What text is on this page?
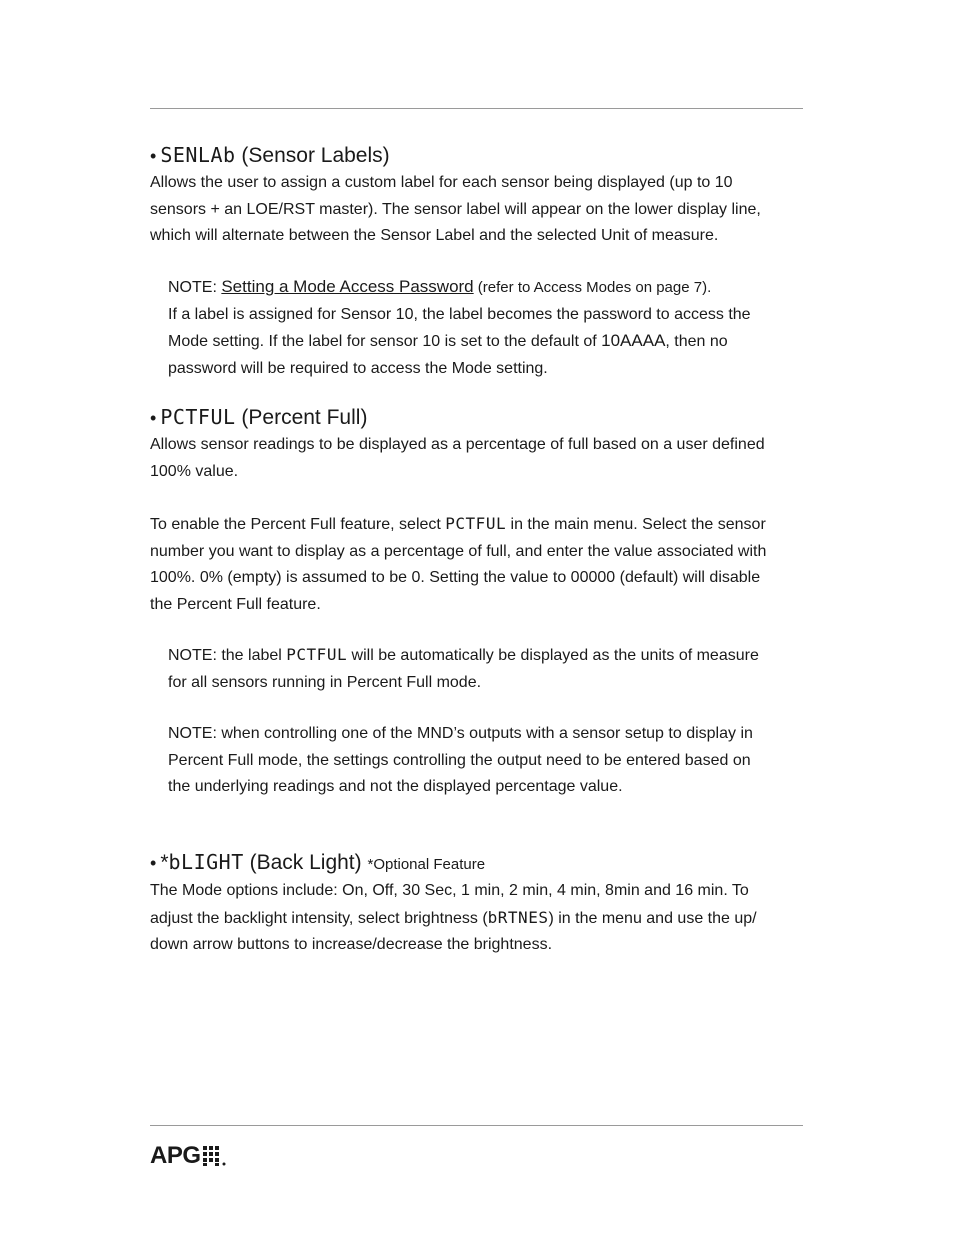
• SENLAb (Sensor Labels)
Allows the user to assign a custom label for each sensor being displayed (up to 10
sensors + an LOE/RST master). The sensor label will appear on the lower display line,
which will alternate between the Sensor Label and the selected Unit of measure.
NOTE: Setting a Mode Access Password (refer to Access Modes on page 7).
If a label is assigned for Sensor 10, the label becomes the password to access the
Mode setting. If the label for sensor 10 is set to the default of 10AAAA, then no
password will be required to access the Mode setting.
• PCTFUL (Percent Full)
Allows sensor readings to be displayed as a percentage of full based on a user defined
100% value.
To enable the Percent Full feature, select PCTFUL in the main menu. Select the sensor
number you want to display as a percentage of full, and enter the value associated with
100%. 0% (empty) is assumed to be 0. Setting the value to 00000 (default) will disable
the Percent Full feature.
NOTE: the label PCTFUL will be automatically be displayed as the units of measure
for all sensors running in Percent Full mode.
NOTE: when controlling one of the MND’s outputs with a sensor setup to display in
Percent Full mode, the settings controlling the output need to be entered based on
the underlying readings and not the displayed percentage value.
• *bLIGHT (Back Light) *Optional Feature
The Mode options include: On, Off, 30 Sec, 1 min, 2 min, 4 min, 8min and 16 min. To
adjust the backlight intensity, select brightness (bRTNES) in the menu and use the up/
down arrow buttons to increase/decrease the brightness.
APG
